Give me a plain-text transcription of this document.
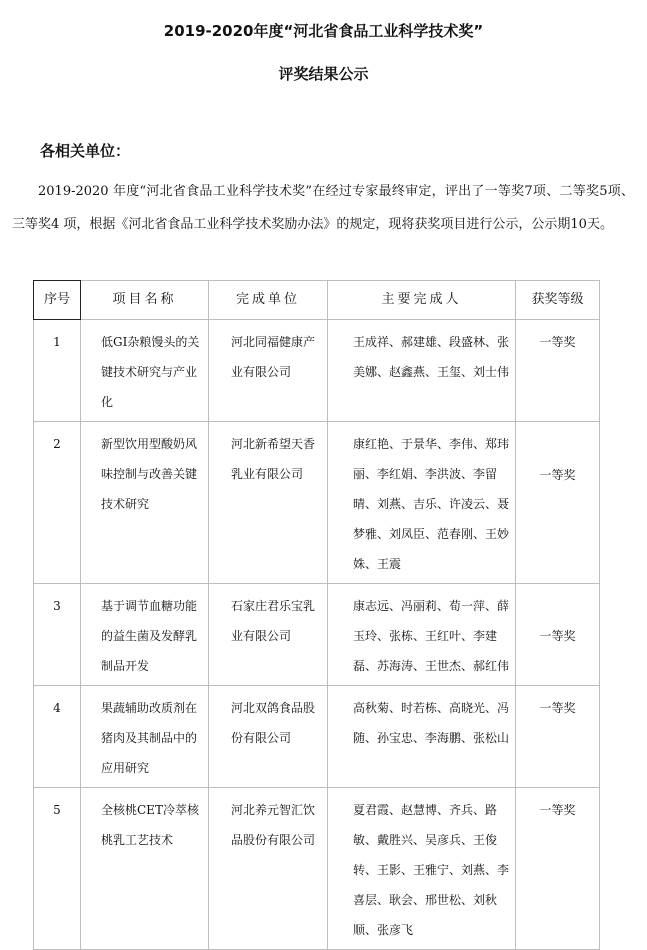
2019-2020年度“河北省食品工业科学技术奖”
评奖结果公示
各相关单位：
2019-2020 年度“河北省食品工业科学技术奖”在经过专家最终审定，评出了一等奖7项、二等奖5项、三等奖4 项，根据《河北省食品工业科学技术奖励办法》的规定，现将获奖项目进行公示，公示期10天。
序号	项目名称	完成单位	主要完成人	获奖等级
1	低GI杂粮馒头的关键技术研究与产业化	河北同福健康产业有限公司	王成祥、郝建雄、段盛林、张美娜、赵鑫燕、王玺、刘士伟	一等奖
2	新型饮用型酸奶风味控制与改善关键技术研究	河北新希望天香乳业有限公司	康红艳、于景华、李伟、郑玮丽、李红娟、李洪波、李留晴、刘燕、吉乐、许凌云、聂梦雅、刘凤臣、范春刚、王妙姝、王震	一等奖
3	基于调节血糖功能的益生菌及发酵乳制品开发	石家庄君乐宝乳业有限公司	康志远、冯丽莉、荀一萍、薛玉玲、张栋、王红叶、李建磊、苏海涛、王世杰、郝红伟	一等奖
4	果蔬辅助改质剂在猪肉及其制品中的应用研究	河北双鸽食品股份有限公司	高秋菊、时若栋、高晓光、冯随、孙宝忠、李海鹏、张松山	一等奖
5	全核桃CET冷萃核桃乳工艺技术	河北养元智汇饮品股份有限公司	夏君霞、赵慧博、齐兵、路敏、戴胜兴、吴彦兵、王俊转、王影、王雅宁、刘燕、李喜层、耿会、邢世松、刘秋顺、张彦飞	一等奖
